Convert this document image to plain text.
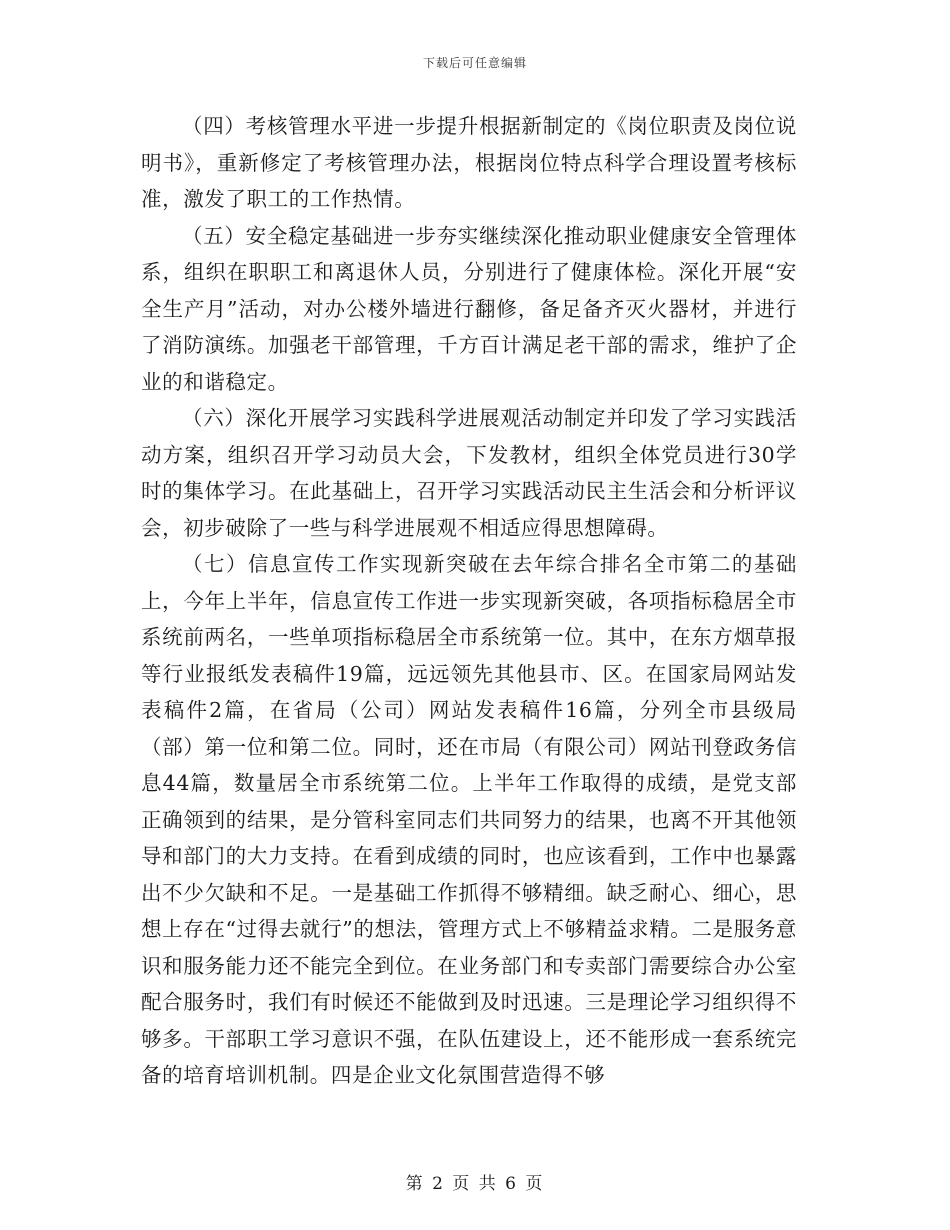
下载后可任意编辑

（四）考核管理水平进一步提升根据新制定的《岗位职责及岗位说明书》，重新修定了考核管理办法，根据岗位特点科学合理设置考核标准，激发了职工的工作热情。

（五）安全稳定基础进一步夯实继续深化推动职业健康安全管理体系，组织在职职工和离退休人员，分别进行了健康体检。深化开展“安全生产月”活动，对办公楼外墙进行翻修，备足备齐灭火器材，并进行了消防演练。加强老干部管理，千方百计满足老干部的需求，维护了企业的和谐稳定。

（六）深化开展学习实践科学进展观活动制定并印发了学习实践活动方案，组织召开学习动员大会，下发教材，组织全体党员进行30学时的集体学习。在此基础上，召开学习实践活动民主生活会和分析评议会，初步破除了一些与科学进展观不相适应得思想障碍。

（七）信息宣传工作实现新突破在去年综合排名全市第二的基础上，今年上半年，信息宣传工作进一步实现新突破，各项指标稳居全市系统前两名，一些单项指标稳居全市系统第一位。其中，在东方烟草报等行业报纸发表稿件19篇，远远领先其他县市、区。在国家局网站发表稿件2篇，在省局（公司）网站发表稿件16篇，分列全市县级局（部）第一位和第二位。同时，还在市局（有限公司）网站刊登政务信息44篇，数量居全市系统第二位。上半年工作取得的成绩，是党支部正确领到的结果，是分管科室同志们共同努力的结果，也离不开其他领导和部门的大力支持。在看到成绩的同时，也应该看到，工作中也暴露出不少欠缺和不足。一是基础工作抓得不够精细。缺乏耐心、细心，思想上存在“过得去就行”的想法，管理方式上不够精益求精。二是服务意识和服务能力还不能完全到位。在业务部门和专卖部门需要综合办公室配合服务时，我们有时候还不能做到及时迅速。三是理论学习组织得不够多。干部职工学习意识不强，在队伍建设上，还不能形成一套系统完备的培育培训机制。四是企业文化氛围营造得不够

第 2 页 共 6 页
